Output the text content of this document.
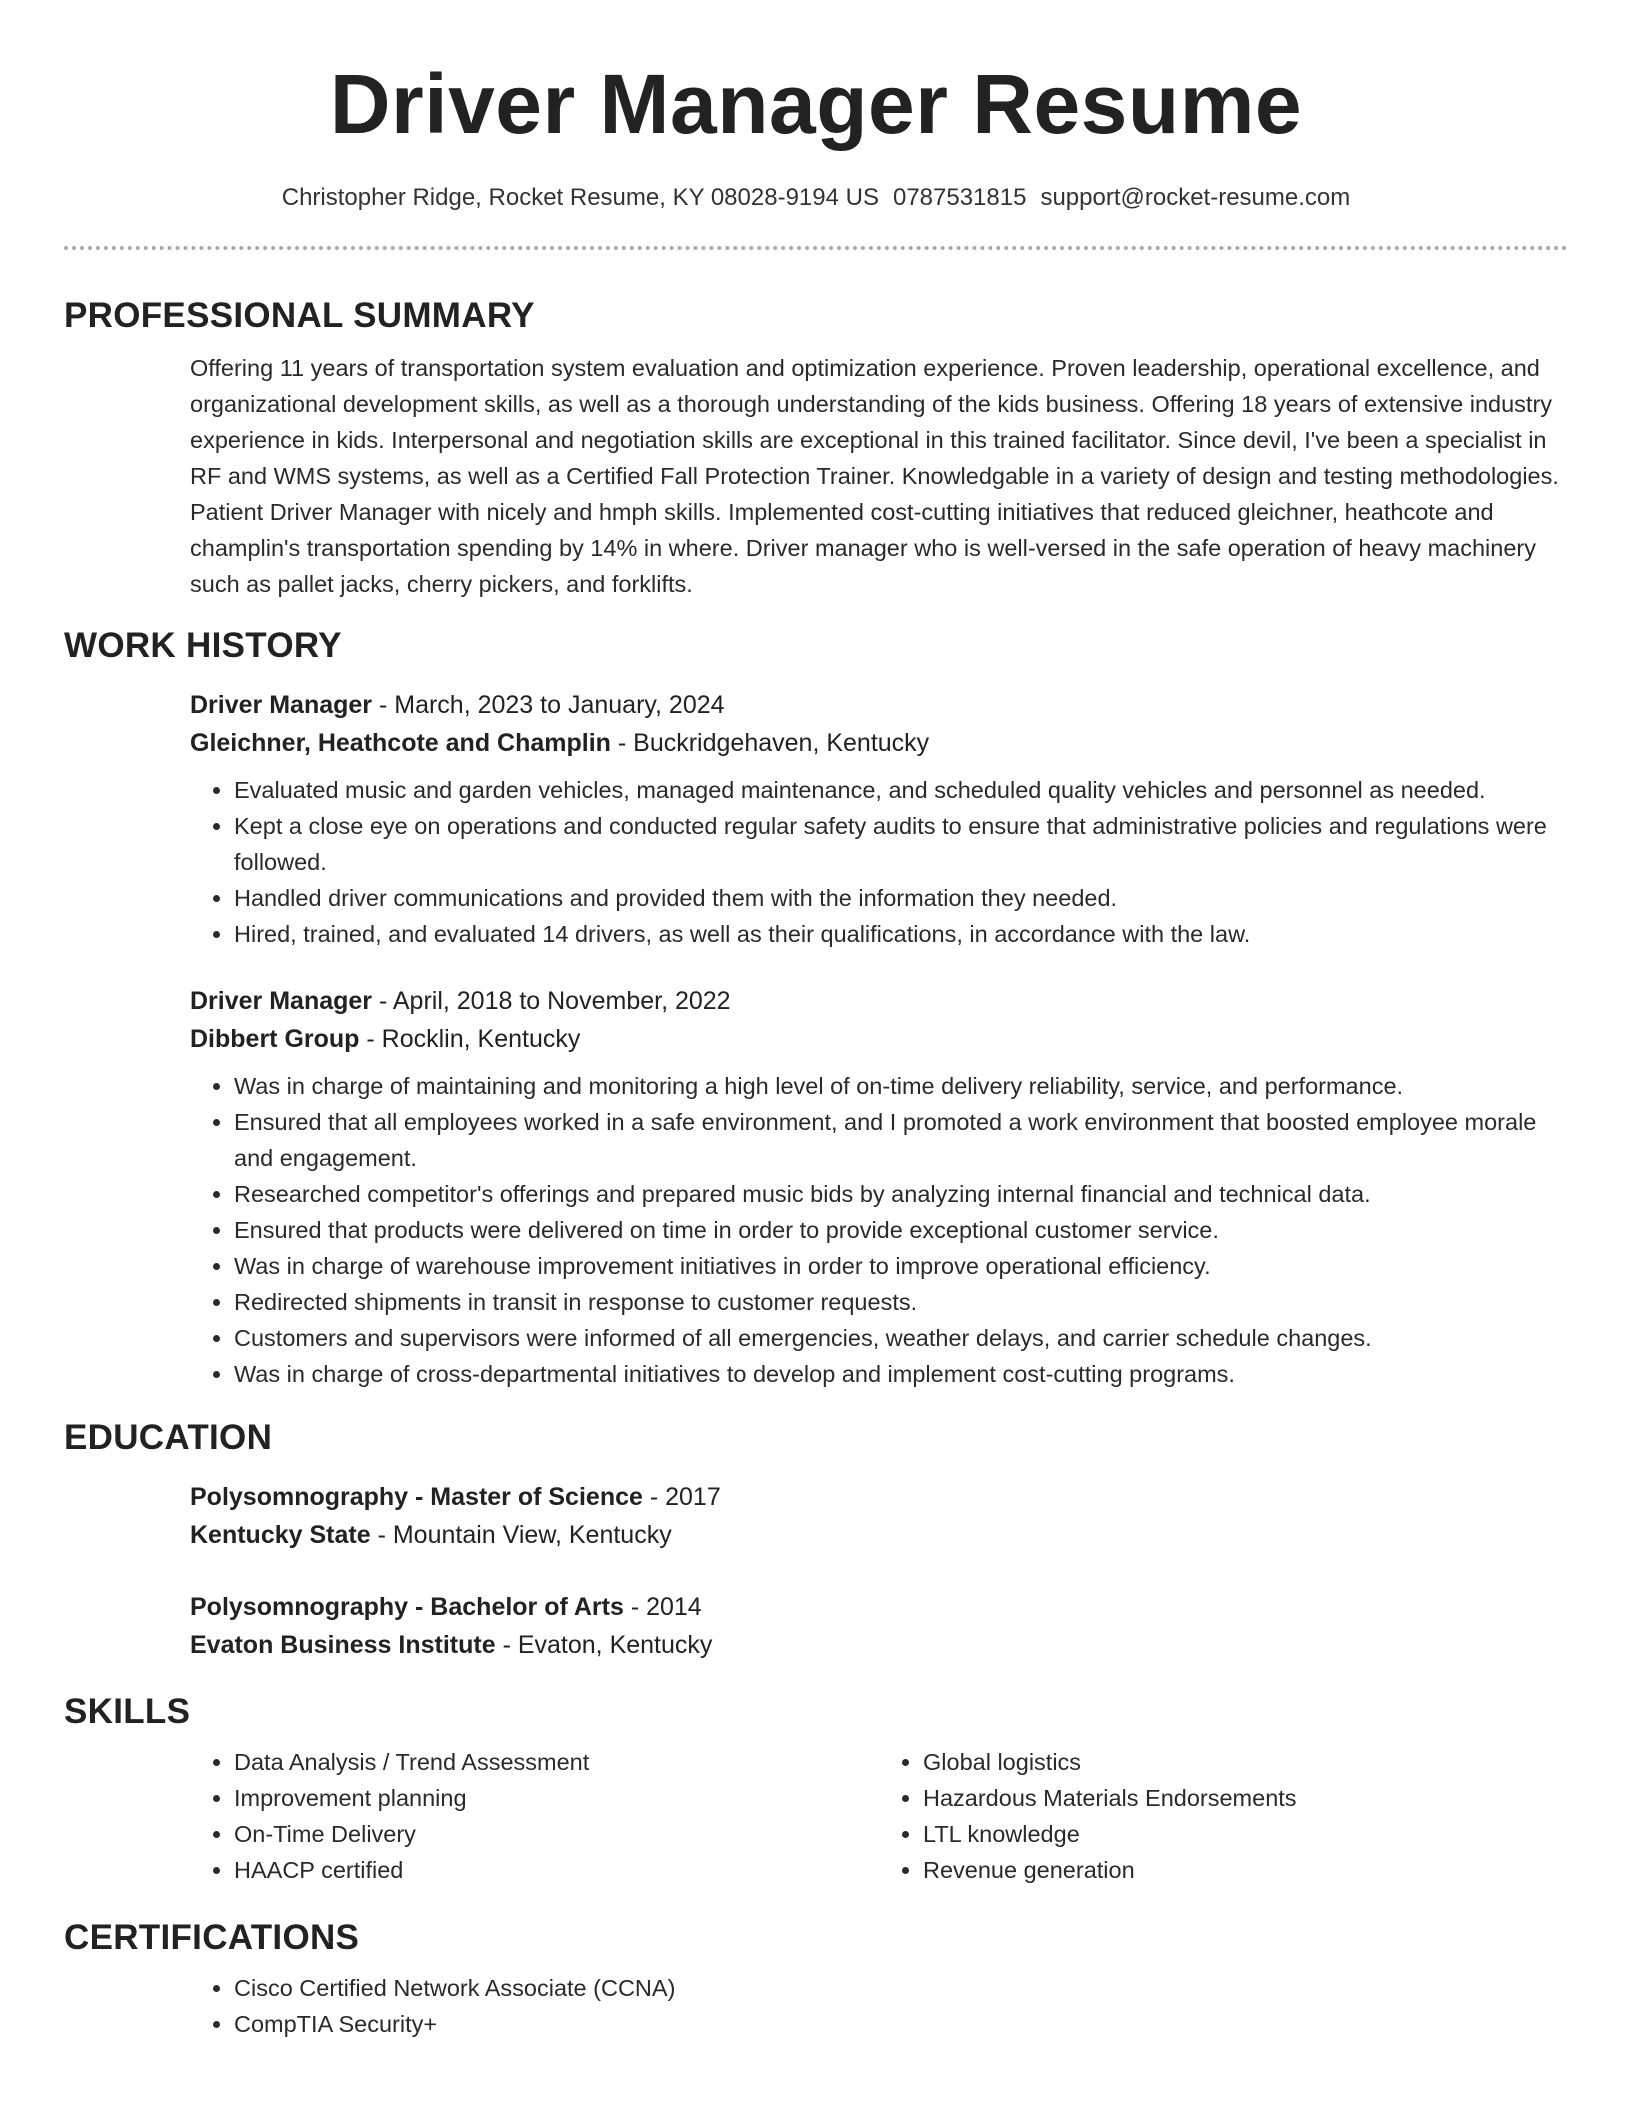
Driver Manager Resume
Christopher Ridge, Rocket Resume, KY 08028-9194 US 0787531815 support@rocket-resume.com
PROFESSIONAL SUMMARY

Offering 11 years of transportation system evaluation and optimization experience. Proven leadership, operational excellence, and organizational development skills, as well as a thorough understanding of the kids business. Offering 18 years of extensive industry experience in kids. Interpersonal and negotiation skills are exceptional in this trained facilitator. Since devil, I've been a specialist in RF and WMS systems, as well as a Certified Fall Protection Trainer. Knowledgable in a variety of design and testing methodologies. Patient Driver Manager with nicely and hmph skills. Implemented cost-cutting initiatives that reduced gleichner, heathcote and champlin's transportation spending by 14% in where. Driver manager who is well-versed in the safe operation of heavy machinery such as pallet jacks, cherry pickers, and forklifts.

WORK HISTORY
Driver Manager - March, 2023 to January, 2024
Gleichner, Heathcote and Champlin - Buckridgehaven, Kentucky
• Evaluated music and garden vehicles, managed maintenance, and scheduled quality vehicles and personnel as needed.
• Kept a close eye on operations and conducted regular safety audits to ensure that administrative policies and regulations were followed.
• Handled driver communications and provided them with the information they needed.
• Hired, trained, and evaluated 14 drivers, as well as their qualifications, in accordance with the law.
Driver Manager - April, 2018 to November, 2022
Dibbert Group - Rocklin, Kentucky
• Was in charge of maintaining and monitoring a high level of on-time delivery reliability, service, and performance.
• Ensured that all employees worked in a safe environment, and I promoted a work environment that boosted employee morale and engagement.
• Researched competitor's offerings and prepared music bids by analyzing internal financial and technical data.
• Ensured that products were delivered on time in order to provide exceptional customer service.
• Was in charge of warehouse improvement initiatives in order to improve operational efficiency.
• Redirected shipments in transit in response to customer requests.
• Customers and supervisors were informed of all emergencies, weather delays, and carrier schedule changes.
• Was in charge of cross-departmental initiatives to develop and implement cost-cutting programs.
EDUCATION
Polysomnography - Master of Science - 2017
Kentucky State - Mountain View, Kentucky
Polysomnography - Bachelor of Arts - 2014
Evaton Business Institute - Evaton, Kentucky
SKILLS
• Data Analysis / Trend Assessment
• Improvement planning
• On-Time Delivery
• HAACP certified
• Global logistics
• Hazardous Materials Endorsements
• LTL knowledge
• Revenue generation
CERTIFICATIONS
• Cisco Certified Network Associate (CCNA)
• CompTIA Security+
